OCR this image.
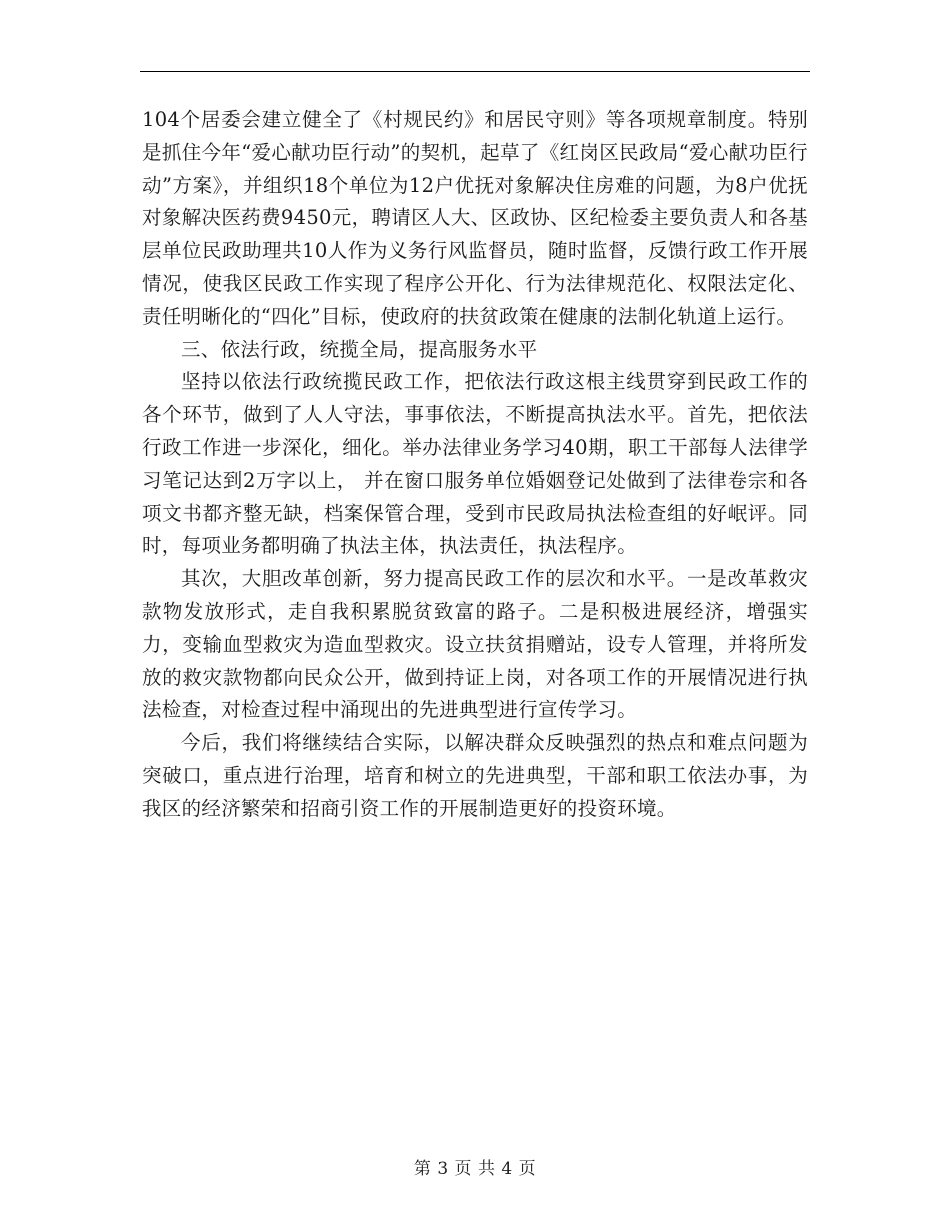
104个居委会建立健全了《村规民约》和居民守则》等各项规章制度。特别是抓住今年“爱心献功臣行动”的契机，起草了《红岗区民政局“爱心献功臣行动”方案》，并组织18个单位为12户优抚对象解决住房难的问题，为8户优抚对象解决医药费9450元，聘请区人大、区政协、区纪检委主要负责人和各基层单位民政助理共10人作为义务行风监督员，随时监督，反馈行政工作开展情况，使我区民政工作实现了程序公开化、行为法律规范化、权限法定化、责任明晰化的“四化”目标，使政府的扶贫政策在健康的法制化轨道上运行。

三、依法行政，统揽全局，提高服务水平

坚持以依法行政统揽民政工作，把依法行政这根主线贯穿到民政工作的各个环节，做到了人人守法，事事依法，不断提高执法水平。首先，把依法行政工作进一步深化，细化。举办法律业务学习40期，职工干部每人法律学习笔记达到2万字以上， 并在窗口服务单位婚姻登记处做到了法律卷宗和各项文书都齐整无缺，档案保管合理，受到市民政局执法检查组的好岷评。同时，每项业务都明确了执法主体，执法责任，执法程序。

其次，大胆改革创新，努力提高民政工作的层次和水平。一是改革救灾款物发放形式，走自我积累脱贫致富的路子。二是积极进展经济，增强实力，变输血型救灾为造血型救灾。设立扶贫捐赠站，设专人管理，并将所发放的救灾款物都向民众公开，做到持证上岗，对各项工作的开展情况进行执法检查，对检查过程中涌现出的先进典型进行宣传学习。

今后，我们将继续结合实际，以解决群众反映强烈的热点和难点问题为突破口，重点进行治理，培育和树立的先进典型，干部和职工依法办事，为我区的经济繁荣和招商引资工作的开展制造更好的投资环境。

第 3 页 共 4 页
